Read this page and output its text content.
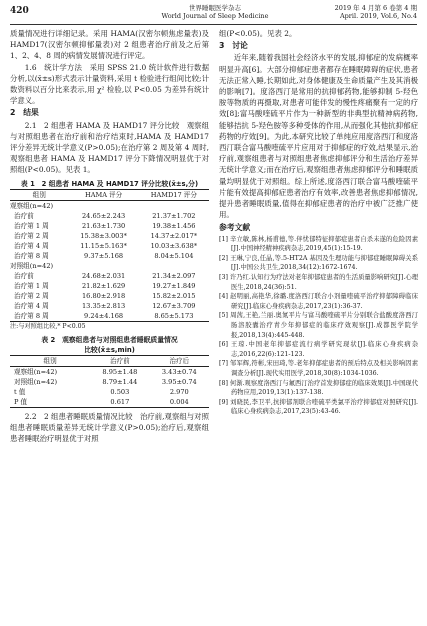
420	世界睡眠医学杂志
World Journal of Sleep Medicine
2019 年 4 月第 6 卷第 4 期
April. 2019, Vol.6, No.4

质量情况进行详细记录。采用 HAMA(汉密尔顿焦虑量表)及 HAMD17(汉密尔顿抑郁量表)对 2 组患者治疗前及之后第 1、2、4、8 周的病情发展情况进行评定。

1.6　统计学方法　采用 SPSS 21.0 统计软件进行数据分析,以(x̄±s)形式表示计量资料,采用 t 检验进行组间比较;计数资料以百分比来表示,用 χ² 检验,以 P<0.05 为差异有统计学意义。

2　结果

2.1　2 组患者 HAMA 及 HAMD17 评分比较　观察组与对照组患者在治疗前和治疗结束时,HAMA 及 HAMD17 评分差异无统计学意义(P>0.05);在治疗第 2 周及第 4 周时,观察组患者 HAMA 及 HAMD17 评分下降情况明显优于对照组(P<0.05)。见表 1。

表 1　2 组患者 HAMA 及 HAMD17 评分比较(x̄±s,分)
组别	HAMA 评分	HAMD17 评分
观察组(n=42)		
治疗前	24.65±2.243	21.37±1.702
治疗第 1 周	21.63±1.730	19.38±1.456
治疗第 2 周	15.38±3.003*	14.37±2.017*
治疗第 4 周	11.15±5.163*	10.03±3.638*
治疗第 8 周	9.37±5.168	8.04±5.104
对照组(n=42)		
治疗前	24.68±2.031	21.34±2.097
治疗第 1 周	21.82±1.629	19.27±1.849
治疗第 2 周	16.80±2.918	15.82±2.015
治疗第 4 周	13.35±2.813	12.67±3.709
治疗第 8 周	9.24±4.168	8.65±5.173
注:与对照组比较,* P<0.05
表 2　观察组患者与对照组患者睡眠质量情况
比较(x̄±s,min)
组别	治疗前	治疗后
观察组(n=42)	8.95±1.48	3.43±0.74
对照组(n=42)	8.79±1.44	3.95±0.74
t 值	0.503	2.970
P 值	0.617	0.004

2.2　2 组患者睡眠质量情况比较　治疗前,观察组与对照组患者睡眠质量差异无统计学意义(P>0.05);治疗后,观察组患者睡眠治疗明显优于对照

组(P<0.05)。见表 2。

3　讨论

近年来,随着我国社会经济水平的发展,抑郁症的发病概率明显升高[6]。大部分抑郁症患者都存在睡眠障碍的症状,患者无法正常入睡,长期如此,对身体健康及生命质量产生及其消极的影响[7]。度洛西汀是常用的抗抑郁药物,能够抑制 5-羟色胺等物质的再摄取,对患者可能伴发的慢性疼痛聚有一定的疗效[8];富马酸喹硫平片作为一种新型的非典型抗精神病药物,能够拮抗 5-羟色胺等多种受体的作用,从而强化其他抗抑郁症药物的疗效[9]。为此,本研究比较了单纯应用度洛西汀和度洛西汀联合富马酸喹硫平片应用对于抑郁症的疗效,结果显示,治疗前,观察组患者与对照组患者焦虑抑郁评分和生活治疗差异无统计学意义;而在治疗后,观察组患者焦虑抑郁评分和睡眠质量均明显优于对照组。综上所述,度洛西汀联合富马酸喹硫平片能有效提高抑郁症患者治疗有效率,改善患者焦虑抑郁情况,提升患者睡眠质量,值得在抑郁症患者的治疗中被广泛推广使用。

参考文献
[1] 辛立敏,陈林,杨甫德,等.伴忧郁特征抑郁症患者自杀未遂的危险因素[J].中国神经精神疾病杂志,2019,45(1):15-19.
[2] 王琳,宁良,任晶,等.5-HT2A 基因及生理功能与抑郁症睡眠障碍关系[J].中国公共卫生,2018,34(12):1672-1674.
[3] 许乃红.认知行为疗法对老年抑郁症患者的生活质量影响研究[J].心理医生,2018,24(36):51.
[4] 赵明丽,高艳华,徐璐.度洛西汀联合小剂量喹硫平治疗抑郁障碍临床研究[J].临床心身疾病杂志,2017,23(1):36-37.
[5] 周茜,王艳,兰丽.奥氮平片与富马酸喹硫平片分别联合盐酸度洛西汀肠溶胶囊治疗青少年抑郁症的临床疗效观察[J].成都医学院学报,2018,13(4):445-448.
[6] 王琼.中国老年抑郁症流行病学研究现状[J].临床心身疾病杂志,2016,22(6):121-123.
[7] 邹军辉,符彬,宋田琦,等.老年抑郁症患者的预后特点及相关影响因素调查分析[J].现代实用医学,2018,30(8):1034-1036.
[8] 何渐.观察度洛西汀与氟西汀治疗首发抑郁症的临床效果[J].中国现代药物应用,2019,13(1):137-138.
[9] 刘晓民,李卫平,抗抑郁剂联合喹硫平类氯平治疗抑郁症对照研究[J].临床心身疾病杂志,2017,23(5):43-46.
